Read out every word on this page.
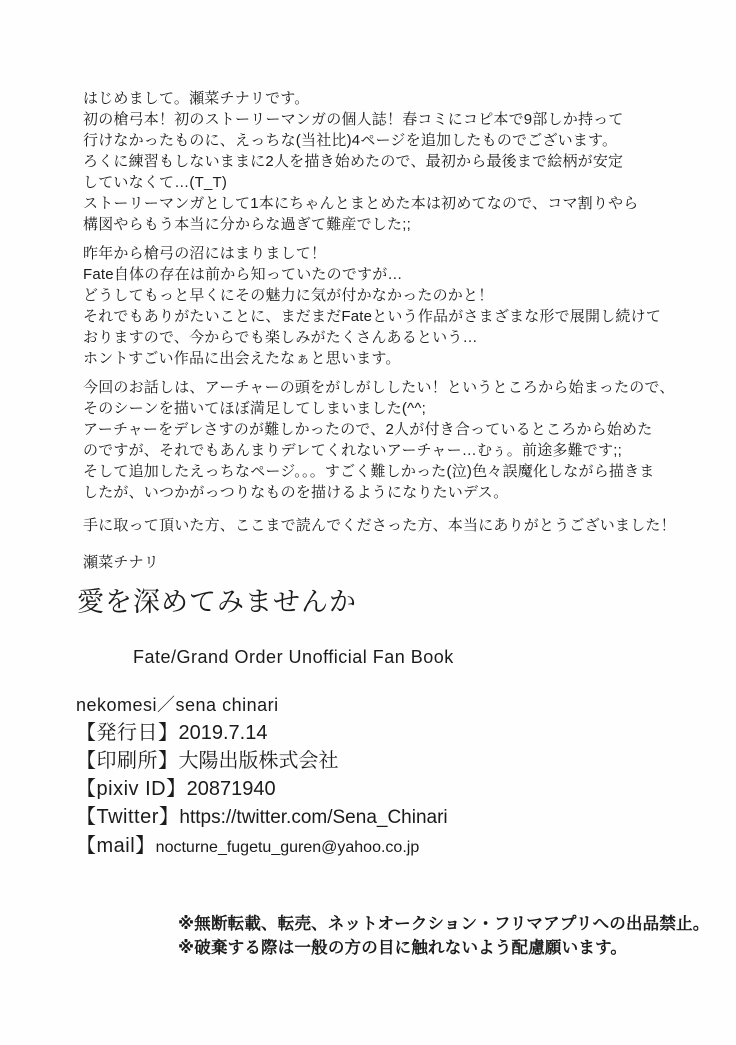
はじめまして。瀬菜チナリです。
初の槍弓本！初のストーリーマンガの個人誌！春コミにコピ本で9部しか持って
行けなかったものに、えっちな(当社比)4ページを追加したものでございます。
ろくに練習もしないままに2人を描き始めたので、最初から最後まで絵柄が安定
していなくて…(T_T)
ストーリーマンガとして1本にちゃんとまとめた本は初めてなので、コマ割りやら
構図やらもう本当に分からな過ぎて難産でした;;

昨年から槍弓の沼にはまりまして！
Fate自体の存在は前から知っていたのですが…
どうしてもっと早くにその魅力に気が付かなかったのかと！
それでもありがたいことに、まだまだFateという作品がさまざまな形で展開し続けて
おりますので、今からでも楽しみがたくさんあるという…
ホントすごい作品に出会えたなぁと思います。

今回のお話しは、アーチャーの頭をがしがししたい！というところから始まったので、
そのシーンを描いてほぼ満足してしまいました(^^;
アーチャーをデレさすのが難しかったので、2人が付き合っているところから始めた
のですが、それでもあんまりデレてくれないアーチャー…むぅ。前途多難です;;
そして追加したえっちなページ。。。すごく難しかった(泣)色々誤魔化しながら描きま
したが、いつかがっつりなものを描けるようになりたいデス。

手に取って頂いた方、ここまで読んでくださった方、本当にありがとうございました！
瀬菜チナリ
愛を深めてみませんか
Fate/Grand Order Unofficial Fan Book
nekomesi／sena chinari
【発行日】2019.7.14
【印刷所】大陽出版株式会社
【pixiv ID】20871940
【Twitter】https://twitter.com/Sena_Chinari
【mail】nocturne_fugetu_guren@yahoo.co.jp
※無断転載、転売、ネットオークション・フリマアプリへの出品禁止。
※破棄する際は一般の方の目に触れないよう配慮願います。
